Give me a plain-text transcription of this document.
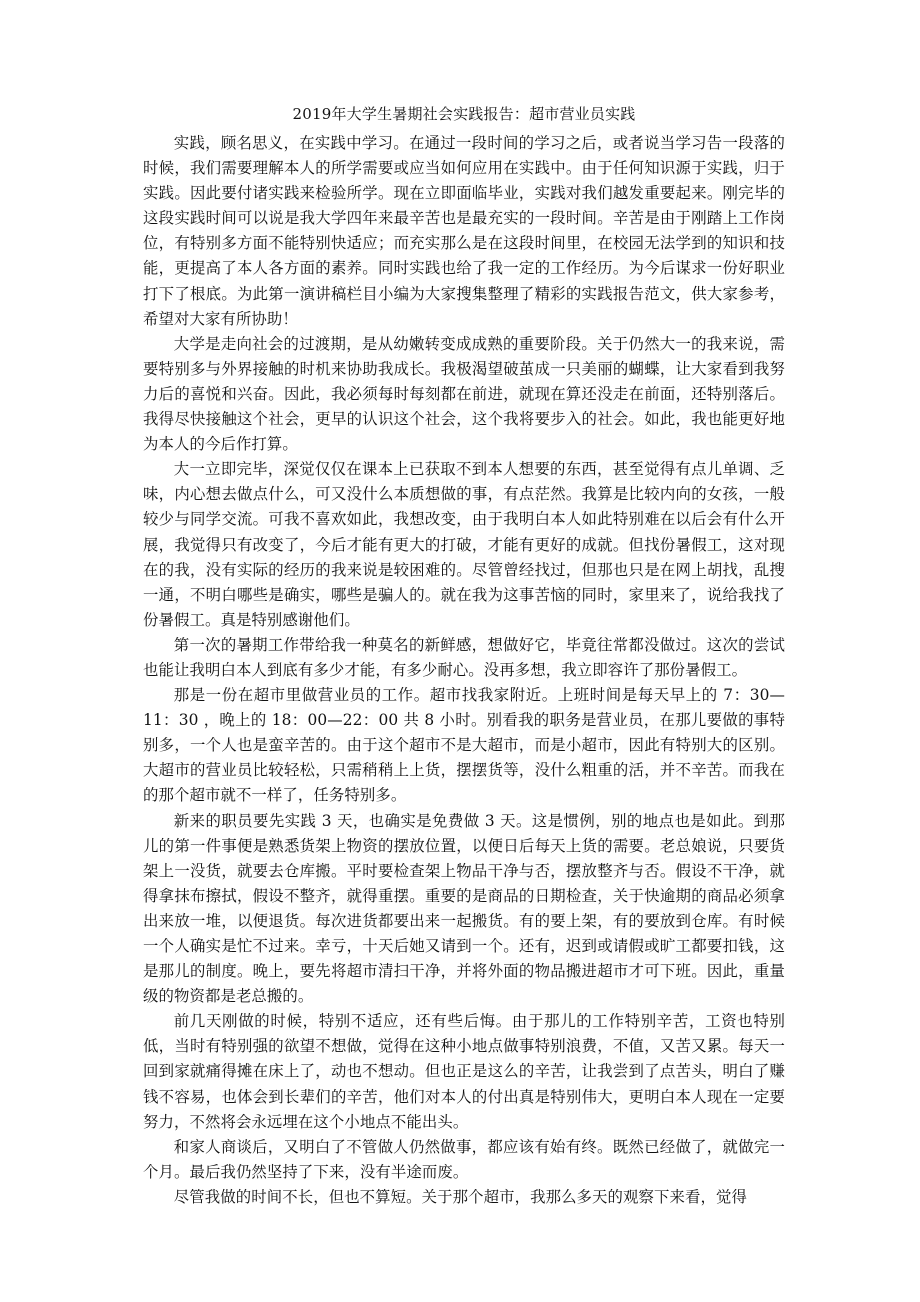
2019年大学生暑期社会实践报告：超市营业员实践

实践，顾名思义，在实践中学习。在通过一段时间的学习之后，或者说当学习告一段落的时候，我们需要理解本人的所学需要或应当如何应用在实践中。由于任何知识源于实践，归于实践。因此要付诸实践来检验所学。现在立即面临毕业，实践对我们越发重要起来。刚完毕的这段实践时间可以说是我大学四年来最辛苦也是最充实的一段时间。辛苦是由于刚踏上工作岗位，有特别多方面不能特别快适应；而充实那么是在这段时间里，在校园无法学到的知识和技能，更提高了本人各方面的素养。同时实践也给了我一定的工作经历。为今后谋求一份好职业打下了根底。为此第一演讲稿栏目小编为大家搜集整理了精彩的实践报告范文，供大家参考，希望对大家有所协助！

大学是走向社会的过渡期，是从幼嫩转变成成熟的重要阶段。关于仍然大一的我来说，需要特别多与外界接触的时机来协助我成长。我极渴望破茧成一只美丽的蝴蝶，让大家看到我努力后的喜悦和兴奋。因此，我必须每时每刻都在前进，就现在算还没走在前面，还特别落后。我得尽快接触这个社会，更早的认识这个社会，这个我将要步入的社会。如此，我也能更好地为本人的今后作打算。

大一立即完毕，深觉仅仅在课本上已获取不到本人想要的东西，甚至觉得有点儿单调、乏味，内心想去做点什么，可又没什么本质想做的事，有点茫然。我算是比较内向的女孩，一般较少与同学交流。可我不喜欢如此，我想改变，由于我明白本人如此特别难在以后会有什么开展，我觉得只有改变了，今后才能有更大的打破，才能有更好的成就。但找份暑假工，这对现在的我，没有实际的经历的我来说是较困难的。尽管曾经找过，但那也只是在网上胡找，乱搜一通，不明白哪些是确实，哪些是骗人的。就在我为这事苦恼的同时，家里来了，说给我找了份暑假工。真是特别感谢他们。

第一次的暑期工作带给我一种莫名的新鲜感，想做好它，毕竟往常都没做过。这次的尝试也能让我明白本人到底有多少才能，有多少耐心。没再多想，我立即容许了那份暑假工。

那是一份在超市里做营业员的工作。超市找我家附近。上班时间是每天早上的 7：30—11：30 ，晚上的 18：00—22：00 共 8 小时。别看我的职务是营业员，在那儿要做的事特别多，一个人也是蛮辛苦的。由于这个超市不是大超市，而是小超市，因此有特别大的区别。大超市的营业员比较轻松，只需稍稍上上货，摆摆货等，没什么粗重的活，并不辛苦。而我在的那个超市就不一样了，任务特别多。

新来的职员要先实践 3 天，也确实是免费做 3 天。这是惯例，别的地点也是如此。到那儿的第一件事便是熟悉货架上物资的摆放位置，以便日后每天上货的需要。老总娘说，只要货架上一没货，就要去仓库搬。平时要检查架上物品干净与否，摆放整齐与否。假设不干净，就得拿抹布擦拭，假设不整齐，就得重摆。重要的是商品的日期检查，关于快逾期的商品必须拿出来放一堆，以便退货。每次进货都要出来一起搬货。有的要上架，有的要放到仓库。有时候一个人确实是忙不过来。幸亏，十天后她又请到一个。还有，迟到或请假或旷工都要扣钱，这是那儿的制度。晚上，要先将超市清扫干净，并将外面的物品搬进超市才可下班。因此，重量级的物资都是老总搬的。

前几天刚做的时候，特别不适应，还有些后悔。由于那儿的工作特别辛苦，工资也特别低，当时有特别强的欲望不想做，觉得在这种小地点做事特别浪费，不值，又苦又累。每天一回到家就痛得摊在床上了，动也不想动。但也正是这么的辛苦，让我尝到了点苦头，明白了赚钱不容易，也体会到长辈们的辛苦，他们对本人的付出真是特别伟大，更明白本人现在一定要努力，不然将会永远埋在这个小地点不能出头。

和家人商谈后，又明白了不管做人仍然做事，都应该有始有终。既然已经做了，就做完一个月。最后我仍然坚持了下来，没有半途而废。

尽管我做的时间不长，但也不算短。关于那个超市，我那么多天的观察下来看，觉得
